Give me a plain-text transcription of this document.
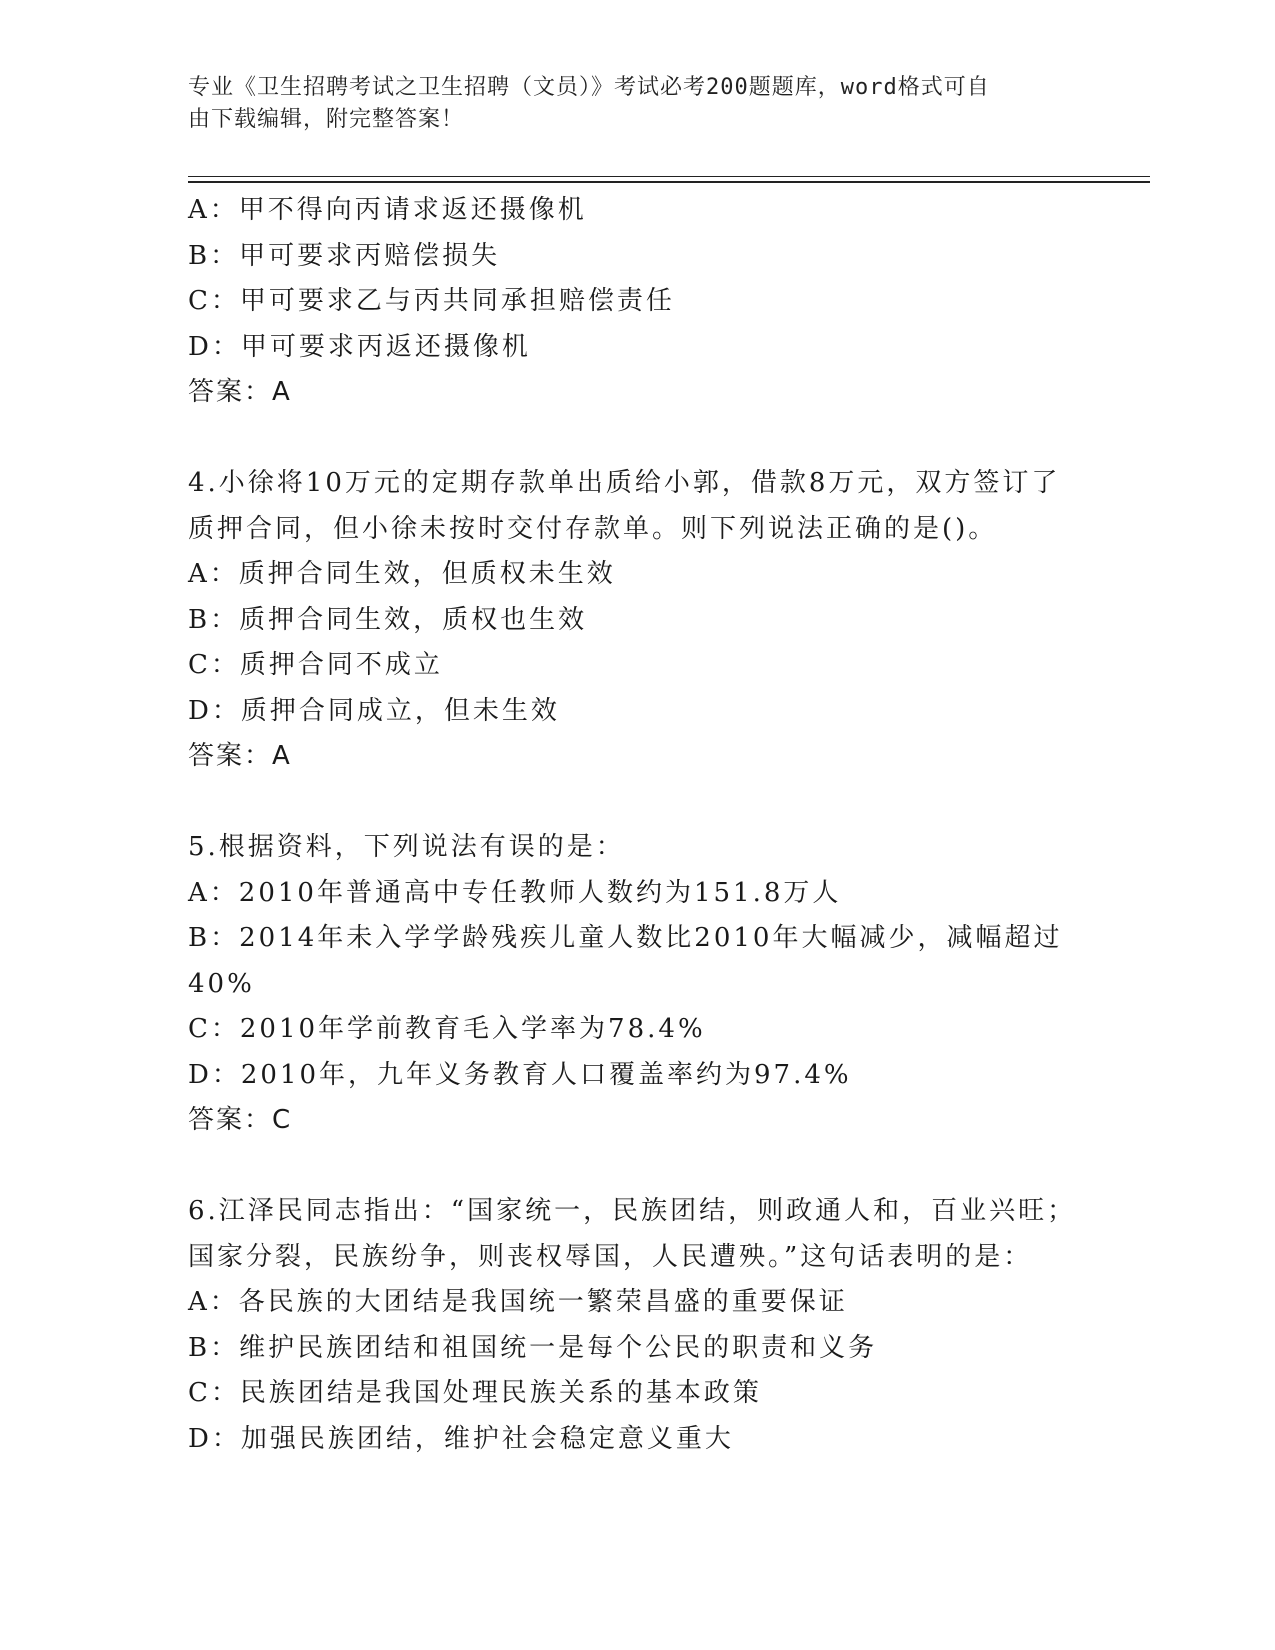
专业《卫生招聘考试之卫生招聘（文员）》考试必考200题题库，word格式可自
由下载编辑，附完整答案！
A：甲不得向丙请求返还摄像机
B：甲可要求丙赔偿损失
C：甲可要求乙与丙共同承担赔偿责任
D：甲可要求丙返还摄像机
答案：A
4.小徐将10万元的定期存款单出质给小郭，借款8万元，双方签订了
质押合同，但小徐未按时交付存款单。则下列说法正确的是()。
A：质押合同生效，但质权未生效
B：质押合同生效，质权也生效
C：质押合同不成立
D：质押合同成立，但未生效
答案：A
5.根据资料，下列说法有误的是：
A：2010年普通高中专任教师人数约为151.8万人
B：2014年未入学学龄残疾儿童人数比2010年大幅减少，减幅超过
40%
C：2010年学前教育毛入学率为78.4%
D：2010年，九年义务教育人口覆盖率约为97.4%
答案：C
6.江泽民同志指出：“国家统一，民族团结，则政通人和，百业兴旺；
国家分裂，民族纷争，则丧权辱国，人民遭殃。”这句话表明的是：
A：各民族的大团结是我国统一繁荣昌盛的重要保证
B：维护民族团结和祖国统一是每个公民的职责和义务
C：民族团结是我国处理民族关系的基本政策
D：加强民族团结，维护社会稳定意义重大
